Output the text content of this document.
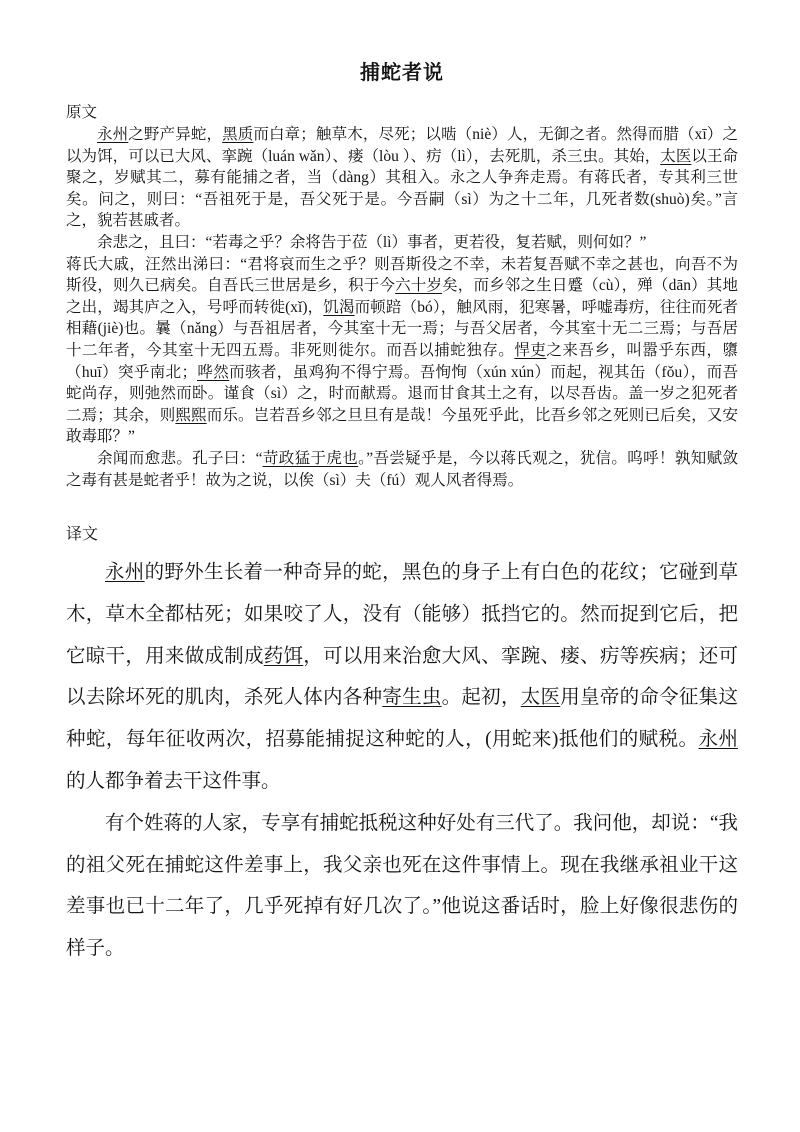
捕蛇者说
原文

永州之野产异蛇，黑质而白章；触草木，尽死；以啮（niè）人，无御之者。然得而腊（xī）之以为饵，可以已大风、挛踠（luán wǎn）、瘘（lòu ）、疠（lì），去死肌，杀三虫。其始，太医以王命聚之，岁赋其二，募有能捕之者，当（dàng）其租入。永之人争奔走焉。有蒋氏者，专其利三世矣。问之，则曰：“吾祖死于是，吾父死于是。今吾嗣（sì）为之十二年，几死者数(shuò)矣。”言之，貌若甚戚者。

余悲之，且曰：“若毒之乎？余将告于莅（lì）事者，更若役，复若赋，则何如？”

蒋氏大戚，汪然出涕曰：“君将哀而生之乎？则吾斯役之不幸，未若复吾赋不幸之甚也，向吾不为斯役，则久已病矣。自吾氏三世居是乡，积于今六十岁矣，而乡邻之生日蹙（cù），殚（dān）其地之出，竭其庐之入，号呼而转徙(xǐ)，饥渴而顿踣（bó），触风雨，犯寒暑，呼嘘毒疠，往往而死者相藉(jiè)也。曩（nǎng）与吾祖居者，今其室十无一焉；与吾父居者，今其室十无二三焉；与吾居十二年者，今其室十无四五焉。非死则徙尔。而吾以捕蛇独存。悍吏之来吾乡，叫嚣乎东西，隳（huī）突乎南北；哗然而骇者，虽鸡狗不得宁焉。吾恂恂（xún xún）而起，视其缶（fǒu），而吾蛇尚存，则弛然而卧。谨食（sì）之，时而献焉。退而甘食其土之有，以尽吾齿。盖一岁之犯死者二焉；其余，则熙熙而乐。岂若吾乡邻之旦旦有是哉！今虽死乎此，比吾乡邻之死则已后矣，又安敢毒耶？”

余闻而愈悲。孔子曰：“苛政猛于虎也。”吾尝疑乎是，今以蒋氏观之，犹信。呜呼！孰知赋敛之毒有甚是蛇者乎！故为之说，以俟（sì）夫（fú）观人风者得焉。

译文

永州的野外生长着一种奇异的蛇，黑色的身子上有白色的花纹；它碰到草木，草木全都枯死；如果咬了人，没有（能够）抵挡它的。然而捉到它后，把它晾干，用来做成制成药饵，可以用来治愈大风、挛踠、瘘、疠等疾病；还可以去除坏死的肌肉，杀死人体内各种寄生虫。起初，太医用皇帝的命令征集这种蛇，每年征收两次，招募能捕捉这种蛇的人，(用蛇来)抵他们的赋税。永州的人都争着去干这件事。

有个姓蒋的人家，专享有捕蛇抵税这种好处有三代了。我问他，却说：“我的祖父死在捕蛇这件差事上，我父亲也死在这件事情上。现在我继承祖业干这差事也已十二年了，几乎死掉有好几次了。”他说这番话时，脸上好像很悲伤的样子。
